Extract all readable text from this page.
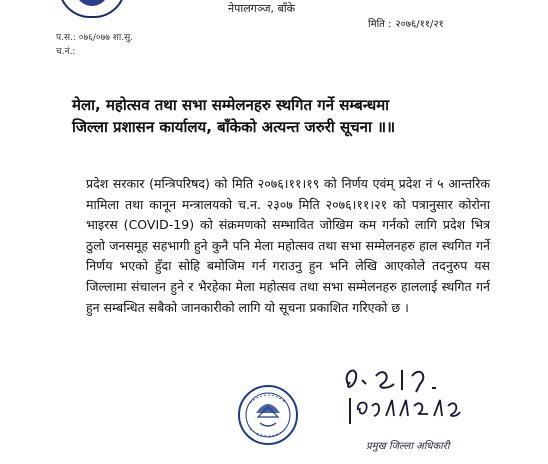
नेपालगञ्ज, बाँके
मिति : २०७६/११/२१
प.स.: ०७६/०७७ शा.सु.
च.नं.:
मेला, महोत्सव तथा सभा सम्मेलनहरु स्थगित गर्ने सम्बन्धमा
जिल्ला प्रशासन कार्यालय, बाँकेको अत्यन्त जरुरी सूचना ॥॥
प्रदेश सरकार (मन्त्रिपरिषद) को मिति २०७६।११।१९ को निर्णय एवंम् प्रदेश नं ५ आन्तरिक मामिला तथा कानून मन्त्रालयको च.न. २३०७ मिति २०७६।११।२१ को पत्रानुसार कोरोना भाइरस (COVID-19) को संक्रमणको सम्भावित जोखिम कम गर्नको लागि प्रदेश भित्र ठुलो जनसमूह सहभागी हुने कुनै पनि मेला महोत्सव तथा सभा सम्मेलनहरु हाल स्थगित गर्ने निर्णय भएको हुँदा सोहि बमोजिम गर्न गराउनु हुन भनि लेखि आएकोले तदनुरुप यस जिल्लामा संचालन हुने र भैरहेका मेला महोत्सव तथा सभा सम्मेलनहरु हाललाई स्थगित गर्न हुन सम्बन्धित सबैको जानकारीको लागि यो सूचना प्रकाशित गरिएको छ ।
प्रमुख जिल्ला अधिकारी
